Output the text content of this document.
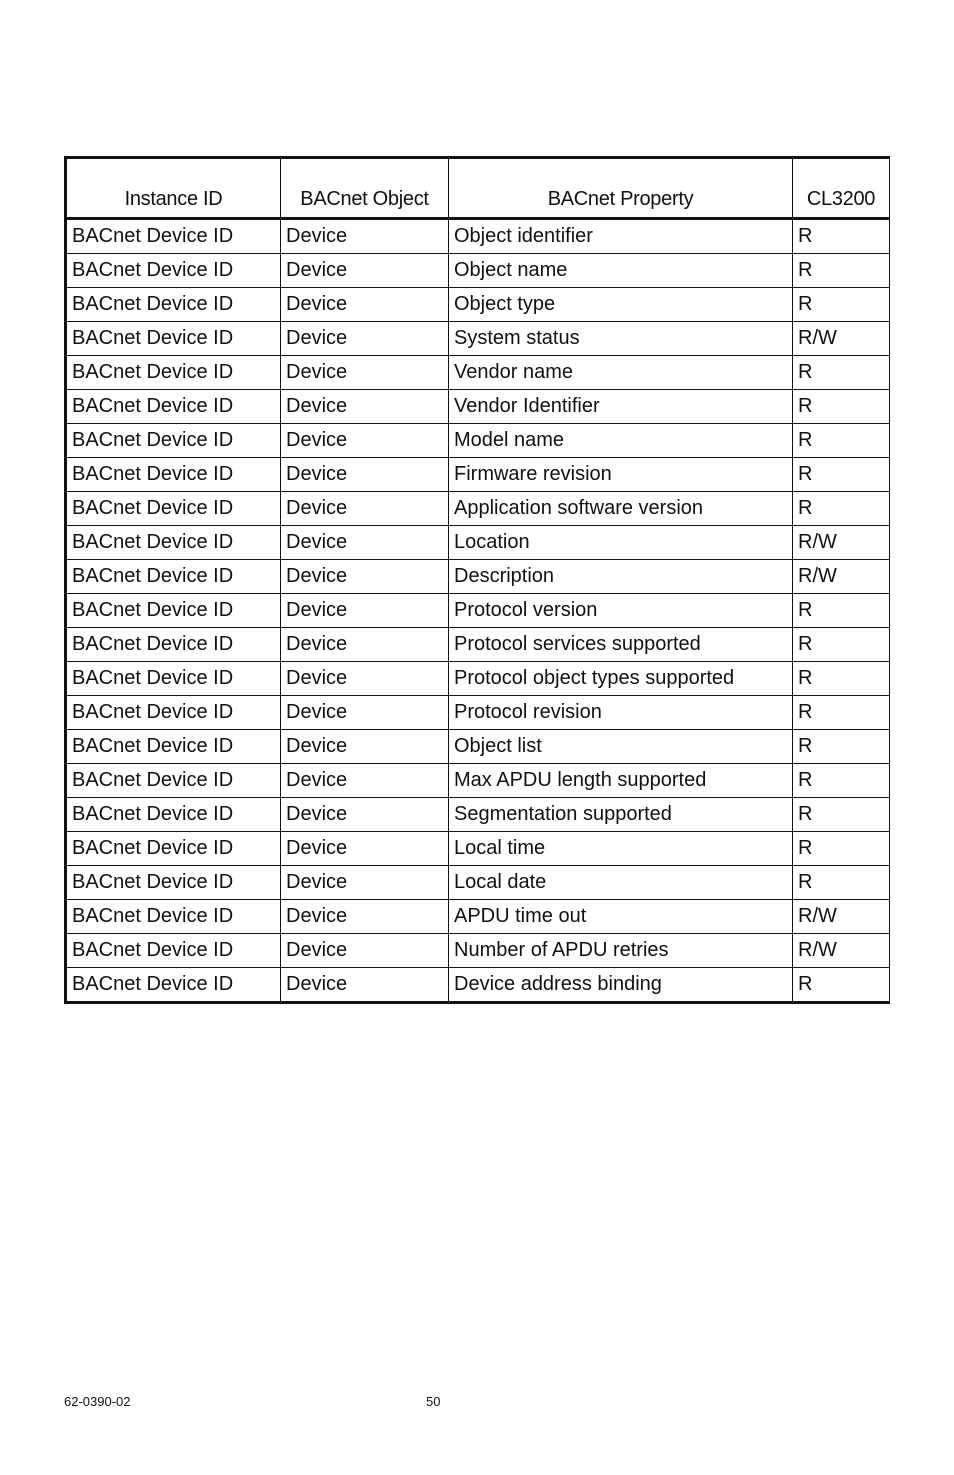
Instance ID	BACnet Object	BACnet Property	CL3200
BACnet Device ID	Device	Object identifier	R
BACnet Device ID	Device	Object name	R
BACnet Device ID	Device	Object type	R
BACnet Device ID	Device	System status	R/W
BACnet Device ID	Device	Vendor name	R
BACnet Device ID	Device	Vendor Identifier	R
BACnet Device ID	Device	Model name	R
BACnet Device ID	Device	Firmware revision	R
BACnet Device ID	Device	Application software version	R
BACnet Device ID	Device	Location	R/W
BACnet Device ID	Device	Description	R/W
BACnet Device ID	Device	Protocol version	R
BACnet Device ID	Device	Protocol services supported	R
BACnet Device ID	Device	Protocol object types supported	R
BACnet Device ID	Device	Protocol revision	R
BACnet Device ID	Device	Object list	R
BACnet Device ID	Device	Max APDU length supported	R
BACnet Device ID	Device	Segmentation supported	R
BACnet Device ID	Device	Local time	R
BACnet Device ID	Device	Local date	R
BACnet Device ID	Device	APDU time out	R/W
BACnet Device ID	Device	Number of APDU retries	R/W
BACnet Device ID	Device	Device address binding	R
62-0390-02	50
